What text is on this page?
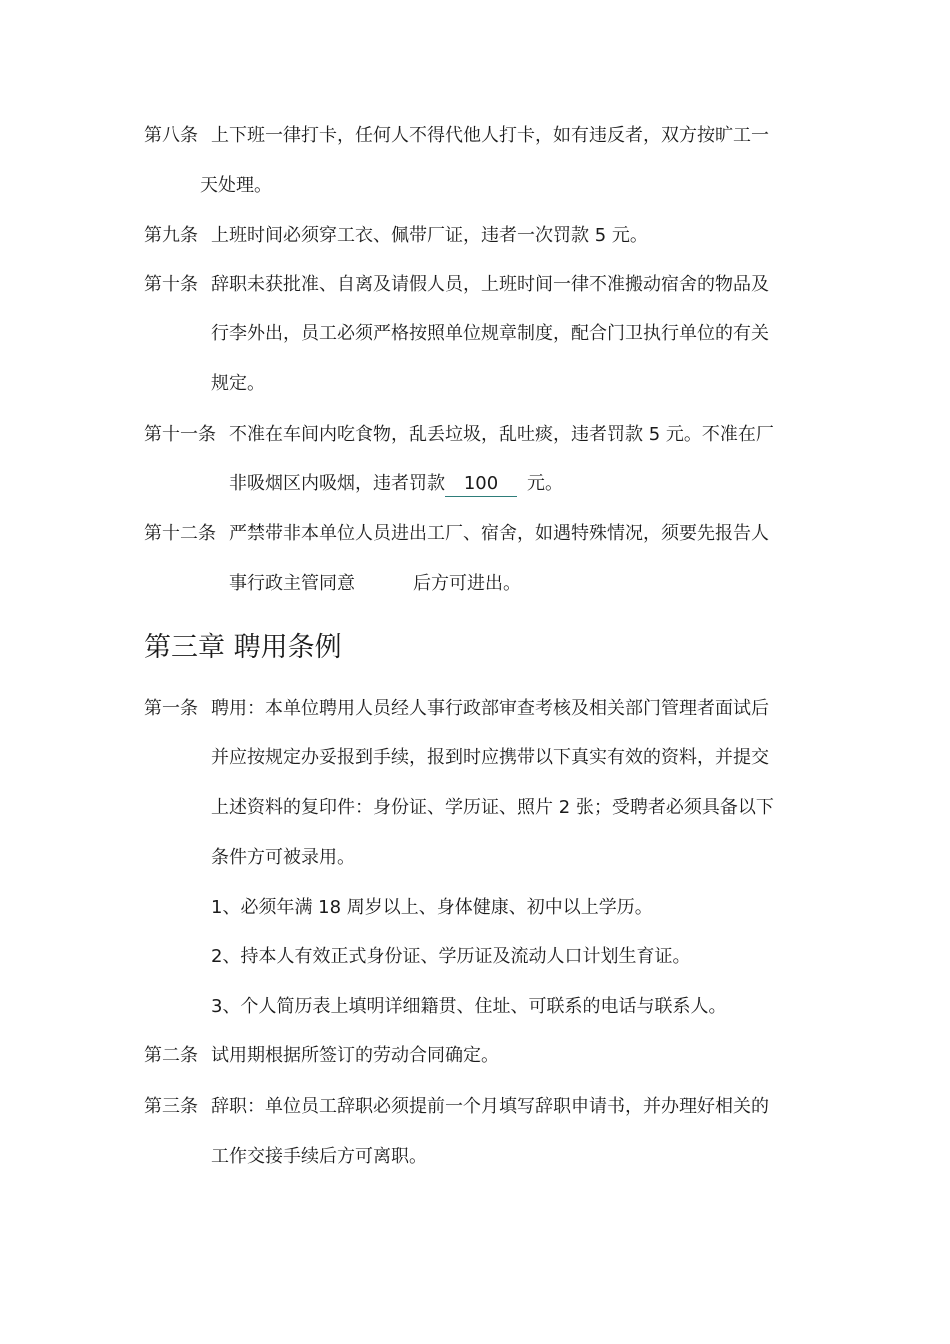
第八条 上下班一律打卡，任何人不得代他人打卡，如有违反者，双方按旷工一
天处理。
第九条 上班时间必须穿工衣、佩带厂证，违者一次罚款 5 元。
第十条 辞职未获批准、自离及请假人员，上班时间一律不准搬动宿舍的物品及
行李外出，员工必须严格按照单位规章制度，配合门卫执行单位的有关
规定。
第十一条 不准在车间内吃食物，乱丢垃圾，乱吐痰，违者罚款 5 元。不准在厂
非吸烟区内吸烟，违者罚款 100 元。
第十二条 严禁带非本单位人员进出工厂、宿舍，如遇特殊情况，须要先报告人
事行政主管同意	后方可进出。
第三章 聘用条例
第一条 聘用：本单位聘用人员经人事行政部审查考核及相关部门管理者面试后
并应按规定办妥报到手续，报到时应携带以下真实有效的资料，并提交
上述资料的复印件：身份证、学历证、照片 2 张；受聘者必须具备以下
条件方可被录用。
1、必须年满 18 周岁以上、身体健康、初中以上学历。
2、持本人有效正式身份证、学历证及流动人口计划生育证。
3、个人简历表上填明详细籍贯、住址、可联系的电话与联系人。
第二条 试用期根据所签订的劳动合同确定。
第三条 辞职：单位员工辞职必须提前一个月填写辞职申请书，并办理好相关的
工作交接手续后方可离职。
